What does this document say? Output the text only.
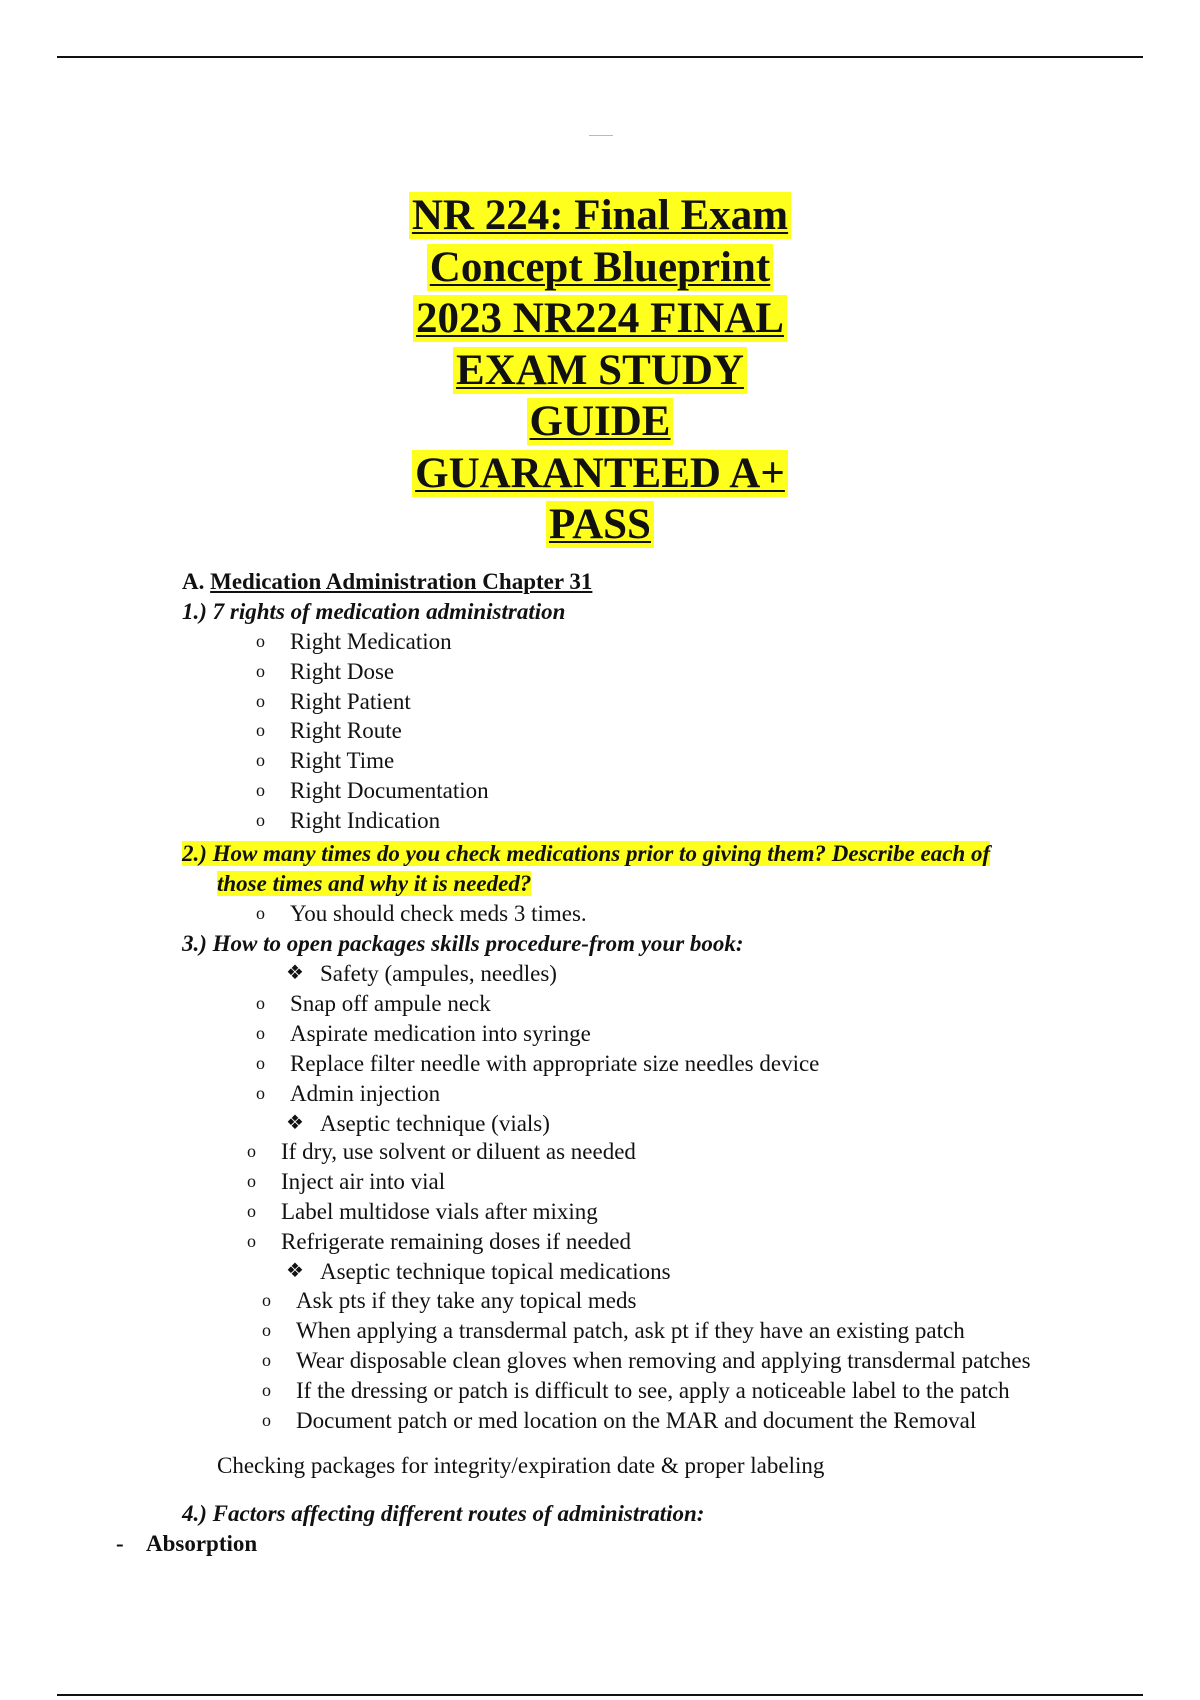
NR 224: Final Exam
Concept Blueprint
2023 NR224 FINAL
EXAM STUDY
GUIDE
GUARANTEED A+
PASS
A. Medication Administration Chapter 31
1.) 7 rights of medication administration
o Right Medication
o Right Dose
o Right Patient
o Right Route
o Right Time
o Right Documentation
o Right Indication
2.) How many times do you check medications prior to giving them? Describe each of
those times and why it is needed?
o You should check meds 3 times.
3.) How to open packages skills procedure-from your book:
❖ Safety (ampules, needles)
o Snap off ampule neck
o Aspirate medication into syringe
o Replace filter needle with appropriate size needles device
o Admin injection
❖ Aseptic technique (vials)
o If dry, use solvent or diluent as needed
o Inject air into vial
o Label multidose vials after mixing
o Refrigerate remaining doses if needed
❖ Aseptic technique topical medications
o Ask pts if they take any topical meds
o When applying a transdermal patch, ask pt if they have an existing patch
o Wear disposable clean gloves when removing and applying transdermal patches
o If the dressing or patch is difficult to see, apply a noticeable label to the patch
o Document patch or med location on the MAR and document the Removal
Checking packages for integrity/expiration date & proper labeling
4.) Factors affecting different routes of administration:
- Absorption
